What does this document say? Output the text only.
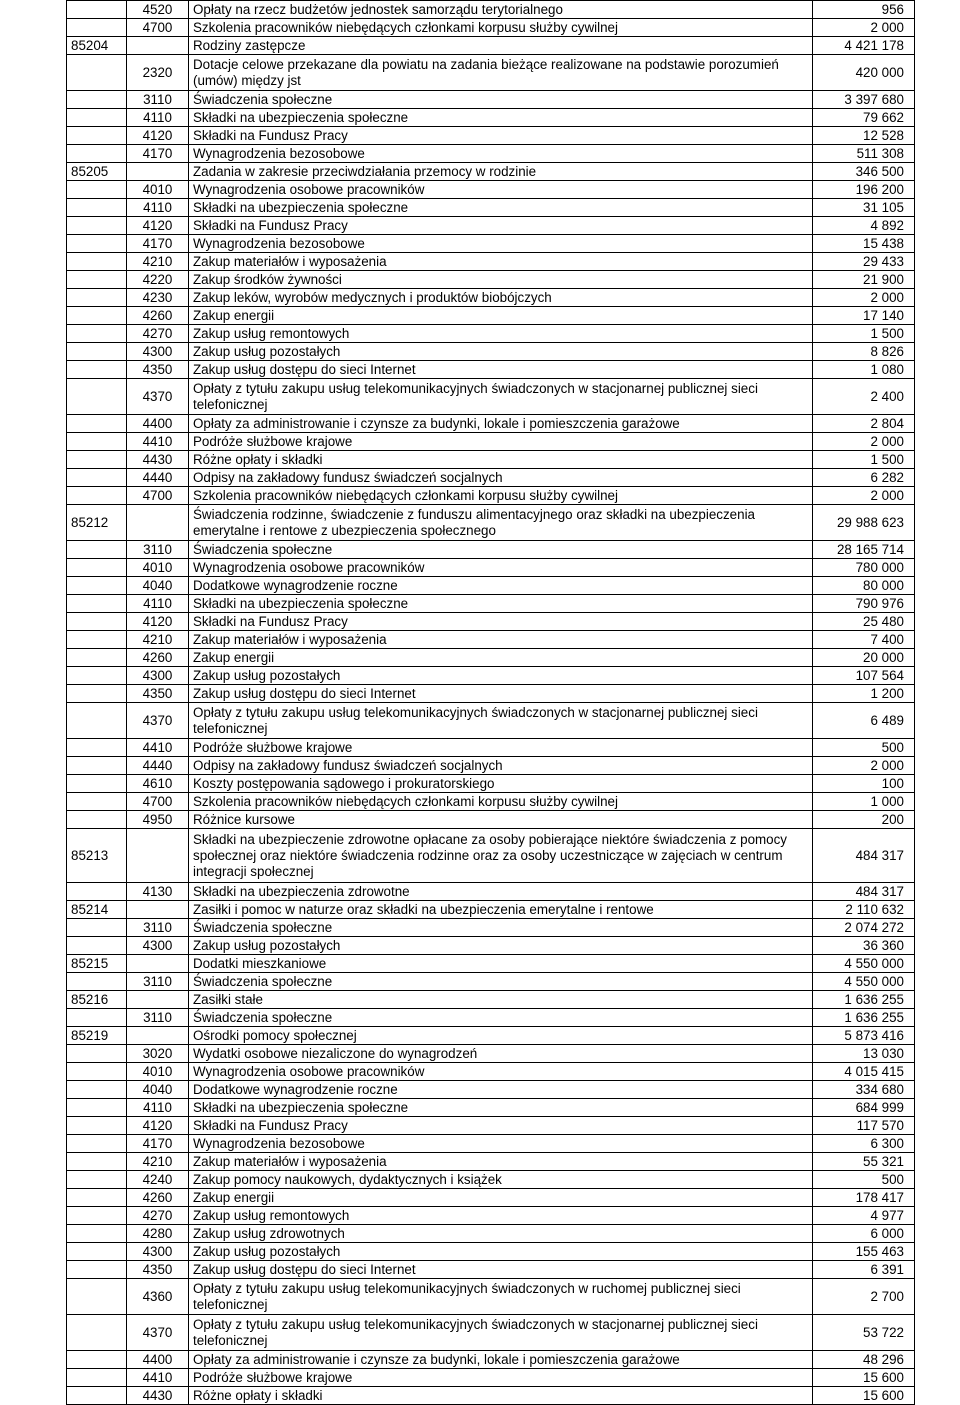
	4520	Opłaty na rzecz budżetów jednostek samorządu terytorialnego	956
	4700	Szkolenia pracowników niebędących członkami korpusu służby cywilnej	2 000
85204		Rodziny zastępcze	4 421 178
	2320	Dotacje celowe przekazane dla powiatu na zadania bieżące realizowane na podstawie porozumień (umów) między jst	420 000
	3110	Świadczenia społeczne	3 397 680
	4110	Składki na ubezpieczenia społeczne	79 662
	4120	Składki na Fundusz Pracy	12 528
	4170	Wynagrodzenia bezosobowe	511 308
85205		Zadania w zakresie przeciwdziałania przemocy w rodzinie	346 500
	4010	Wynagrodzenia osobowe pracowników	196 200
	4110	Składki na ubezpieczenia społeczne	31 105
	4120	Składki na Fundusz Pracy	4 892
	4170	Wynagrodzenia bezosobowe	15 438
	4210	Zakup materiałów i wyposażenia	29 433
	4220	Zakup środków żywności	21 900
	4230	Zakup leków, wyrobów medycznych i produktów biobójczych	2 000
	4260	Zakup energii	17 140
	4270	Zakup usług remontowych	1 500
	4300	Zakup usług pozostałych	8 826
	4350	Zakup usług dostępu do sieci Internet	1 080
	4370	Opłaty z tytułu zakupu usług telekomunikacyjnych świadczonych w stacjonarnej publicznej sieci telefonicznej	2 400
	4400	Opłaty za administrowanie i czynsze za budynki, lokale i pomieszczenia garażowe	2 804
	4410	Podróże służbowe krajowe	2 000
	4430	Różne opłaty i składki	1 500
	4440	Odpisy na zakładowy fundusz świadczeń socjalnych	6 282
	4700	Szkolenia pracowników niebędących członkami korpusu służby cywilnej	2 000
85212		Świadczenia rodzinne, świadczenie z funduszu alimentacyjnego oraz składki na ubezpieczenia emerytalne i rentowe z ubezpieczenia społecznego	29 988 623
	3110	Świadczenia społeczne	28 165 714
	4010	Wynagrodzenia osobowe pracowników	780 000
	4040	Dodatkowe wynagrodzenie roczne	80 000
	4110	Składki na ubezpieczenia społeczne	790 976
	4120	Składki na Fundusz Pracy	25 480
	4210	Zakup materiałów i wyposażenia	7 400
	4260	Zakup energii	20 000
	4300	Zakup usług pozostałych	107 564
	4350	Zakup usług dostępu do sieci Internet	1 200
	4370	Opłaty z tytułu zakupu usług telekomunikacyjnych świadczonych w stacjonarnej publicznej sieci telefonicznej	6 489
	4410	Podróże służbowe krajowe	500
	4440	Odpisy na zakładowy fundusz świadczeń socjalnych	2 000
	4610	Koszty postępowania sądowego i prokuratorskiego	100
	4700	Szkolenia pracowników niebędących członkami korpusu służby cywilnej	1 000
	4950	Różnice kursowe	200
85213		Składki na ubezpieczenie zdrowotne opłacane za osoby pobierające niektóre świadczenia z pomocy społecznej oraz niektóre świadczenia rodzinne oraz za osoby uczestniczące w zajęciach w centrum integracji społecznej	484 317
	4130	Składki na ubezpieczenia zdrowotne	484 317
85214		Zasiłki i pomoc w naturze oraz składki na ubezpieczenia emerytalne i rentowe	2 110 632
	3110	Świadczenia społeczne	2 074 272
	4300	Zakup usług pozostałych	36 360
85215		Dodatki mieszkaniowe	4 550 000
	3110	Świadczenia społeczne	4 550 000
85216		Zasiłki stałe	1 636 255
	3110	Świadczenia społeczne	1 636 255
85219		Ośrodki pomocy społecznej	5 873 416
	3020	Wydatki osobowe niezaliczone do wynagrodzeń	13 030
	4010	Wynagrodzenia osobowe pracowników	4 015 415
	4040	Dodatkowe wynagrodzenie roczne	334 680
	4110	Składki na ubezpieczenia społeczne	684 999
	4120	Składki na Fundusz Pracy	117 570
	4170	Wynagrodzenia bezosobowe	6 300
	4210	Zakup materiałów i wyposażenia	55 321
	4240	Zakup pomocy naukowych, dydaktycznych i książek	500
	4260	Zakup energii	178 417
	4270	Zakup usług remontowych	4 977
	4280	Zakup usług zdrowotnych	6 000
	4300	Zakup usług pozostałych	155 463
	4350	Zakup usług dostępu do sieci Internet	6 391
	4360	Opłaty z tytułu zakupu usług telekomunikacyjnych świadczonych w ruchomej publicznej sieci telefonicznej	2 700
	4370	Opłaty z tytułu zakupu usług telekomunikacyjnych świadczonych w stacjonarnej publicznej sieci telefonicznej	53 722
	4400	Opłaty za administrowanie i czynsze za budynki, lokale i pomieszczenia garażowe	48 296
	4410	Podróże służbowe krajowe	15 600
	4430	Różne opłaty i składki	15 600
